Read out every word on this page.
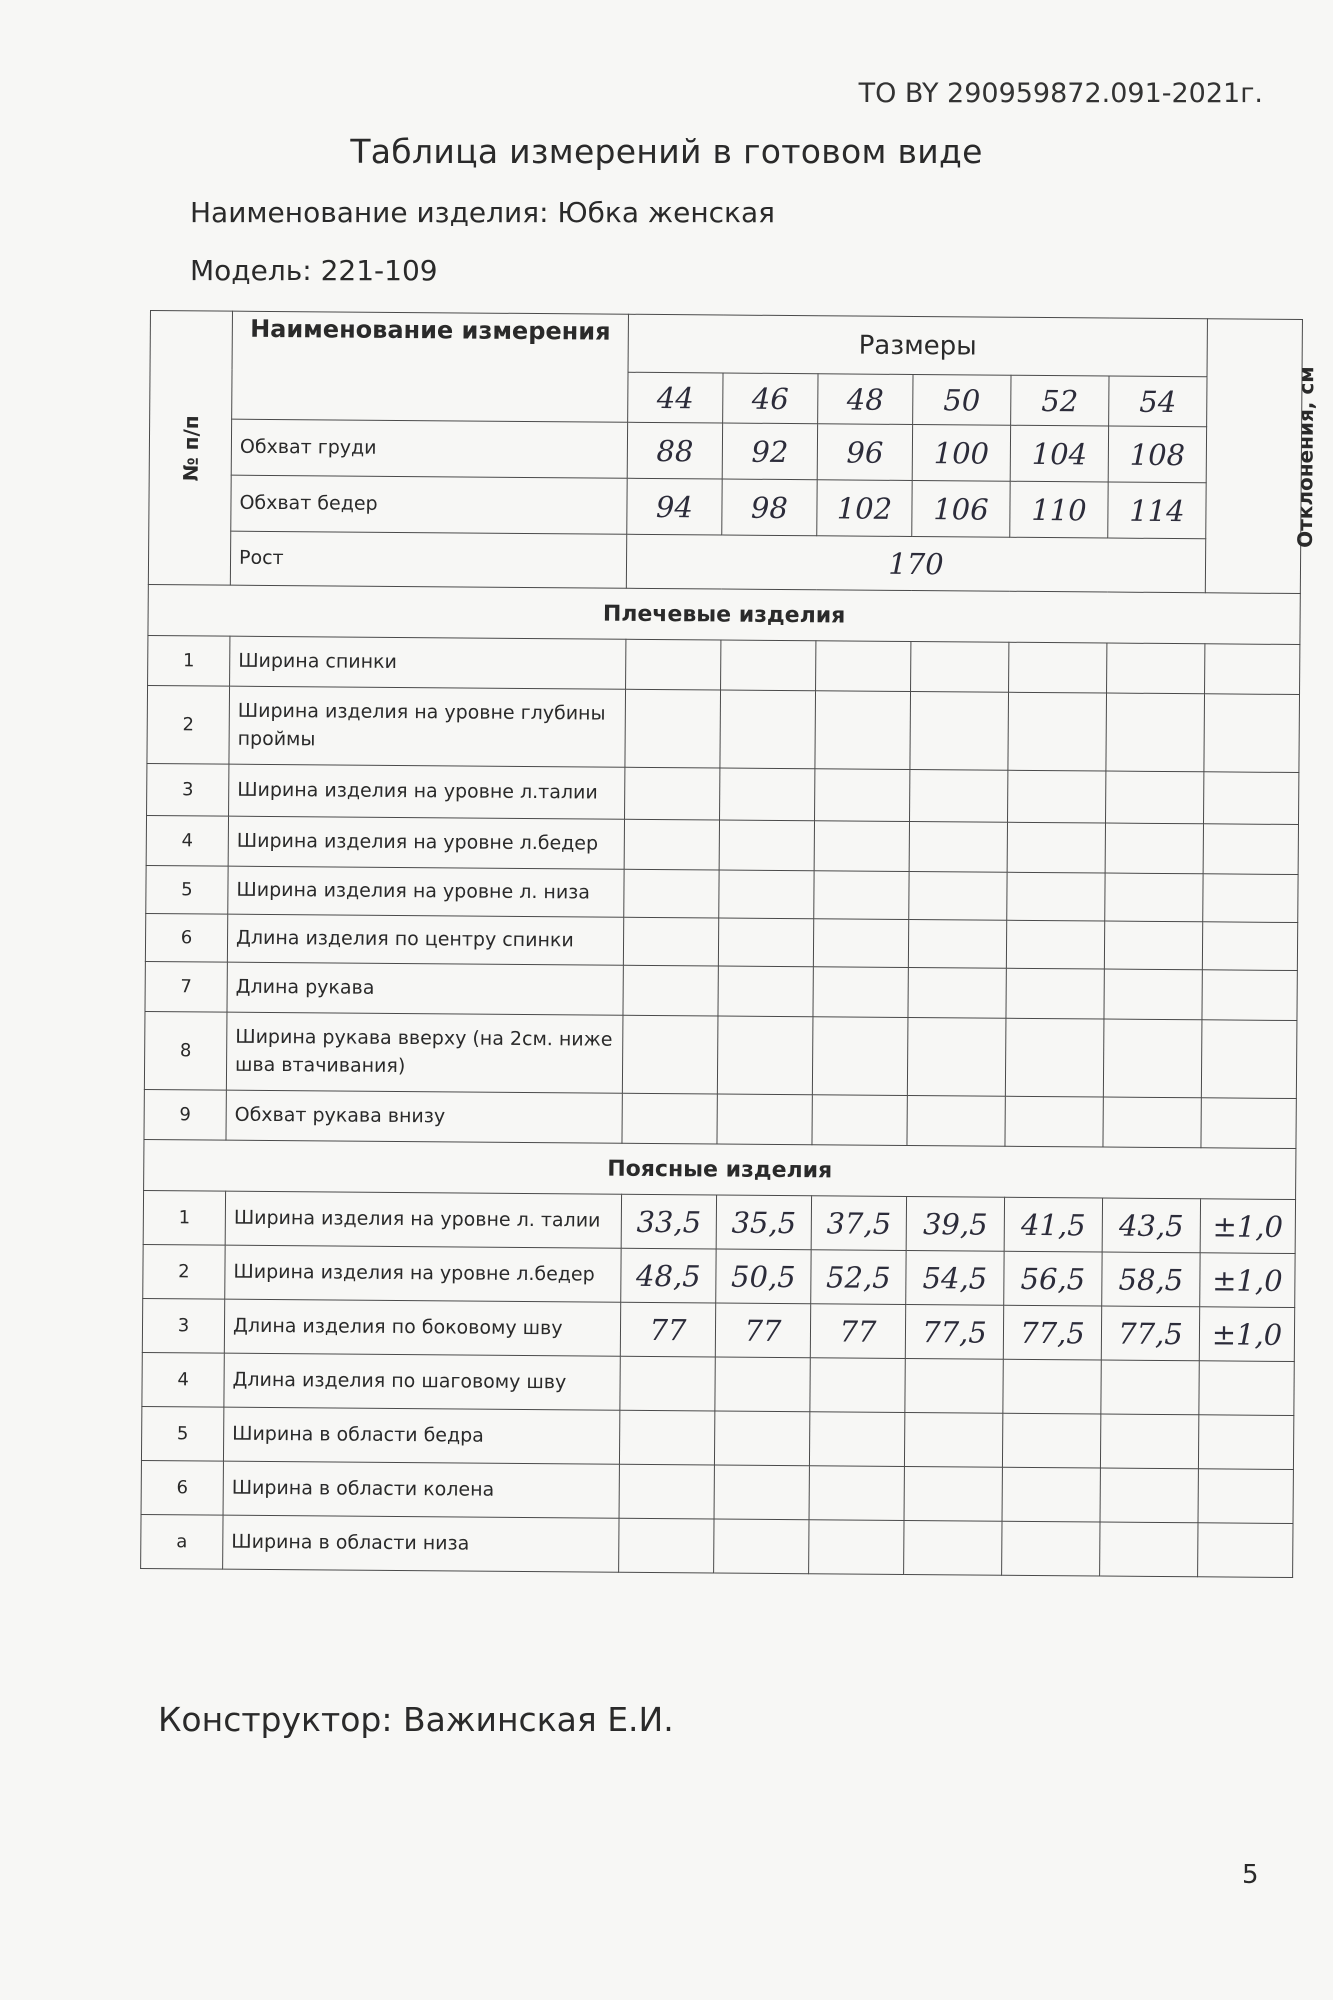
ТО BY 290959872.091-2021г.
Таблица измерений в готовом виде
Наименование изделия: Юбка женская
Модель: 221-109
№ п/п	Наименование измерения	Размеры						Отклонения, см
		44	46	48	50	52	54	
	Обхват груди	88	92	96	100	104	108	
	Обхват бедер	94	98	102	106	110	114	
	Рост	170						
Плечевые изделия								
1	Ширина спинки							
2	Ширина изделия на уровне глубины проймы							
3	Ширина изделия на уровне л.талии							
4	Ширина изделия на уровне л.бедер							
5	Ширина изделия на уровне л. низа							
6	Длина изделия по центру спинки							
7	Длина рукава							
8	Ширина рукава вверху (на 2см. ниже шва втачивания)							
9	Обхват рукава внизу							
Поясные изделия								
1	Ширина изделия на уровне л. талии	33,5	35,5	37,5	39,5	41,5	43,5	±1,0
2	Ширина изделия на уровне л.бедер	48,5	50,5	52,5	54,5	56,5	58,5	±1,0
3	Длина изделия по боковому шву	77	77	77	77,5	77,5	77,5	±1,0
4	Длина изделия по шаговому шву							
5	Ширина в области бедра							
6	Ширина в области колена							
а	Ширина в области низа							
Конструктор: Важинская Е.И.
5
